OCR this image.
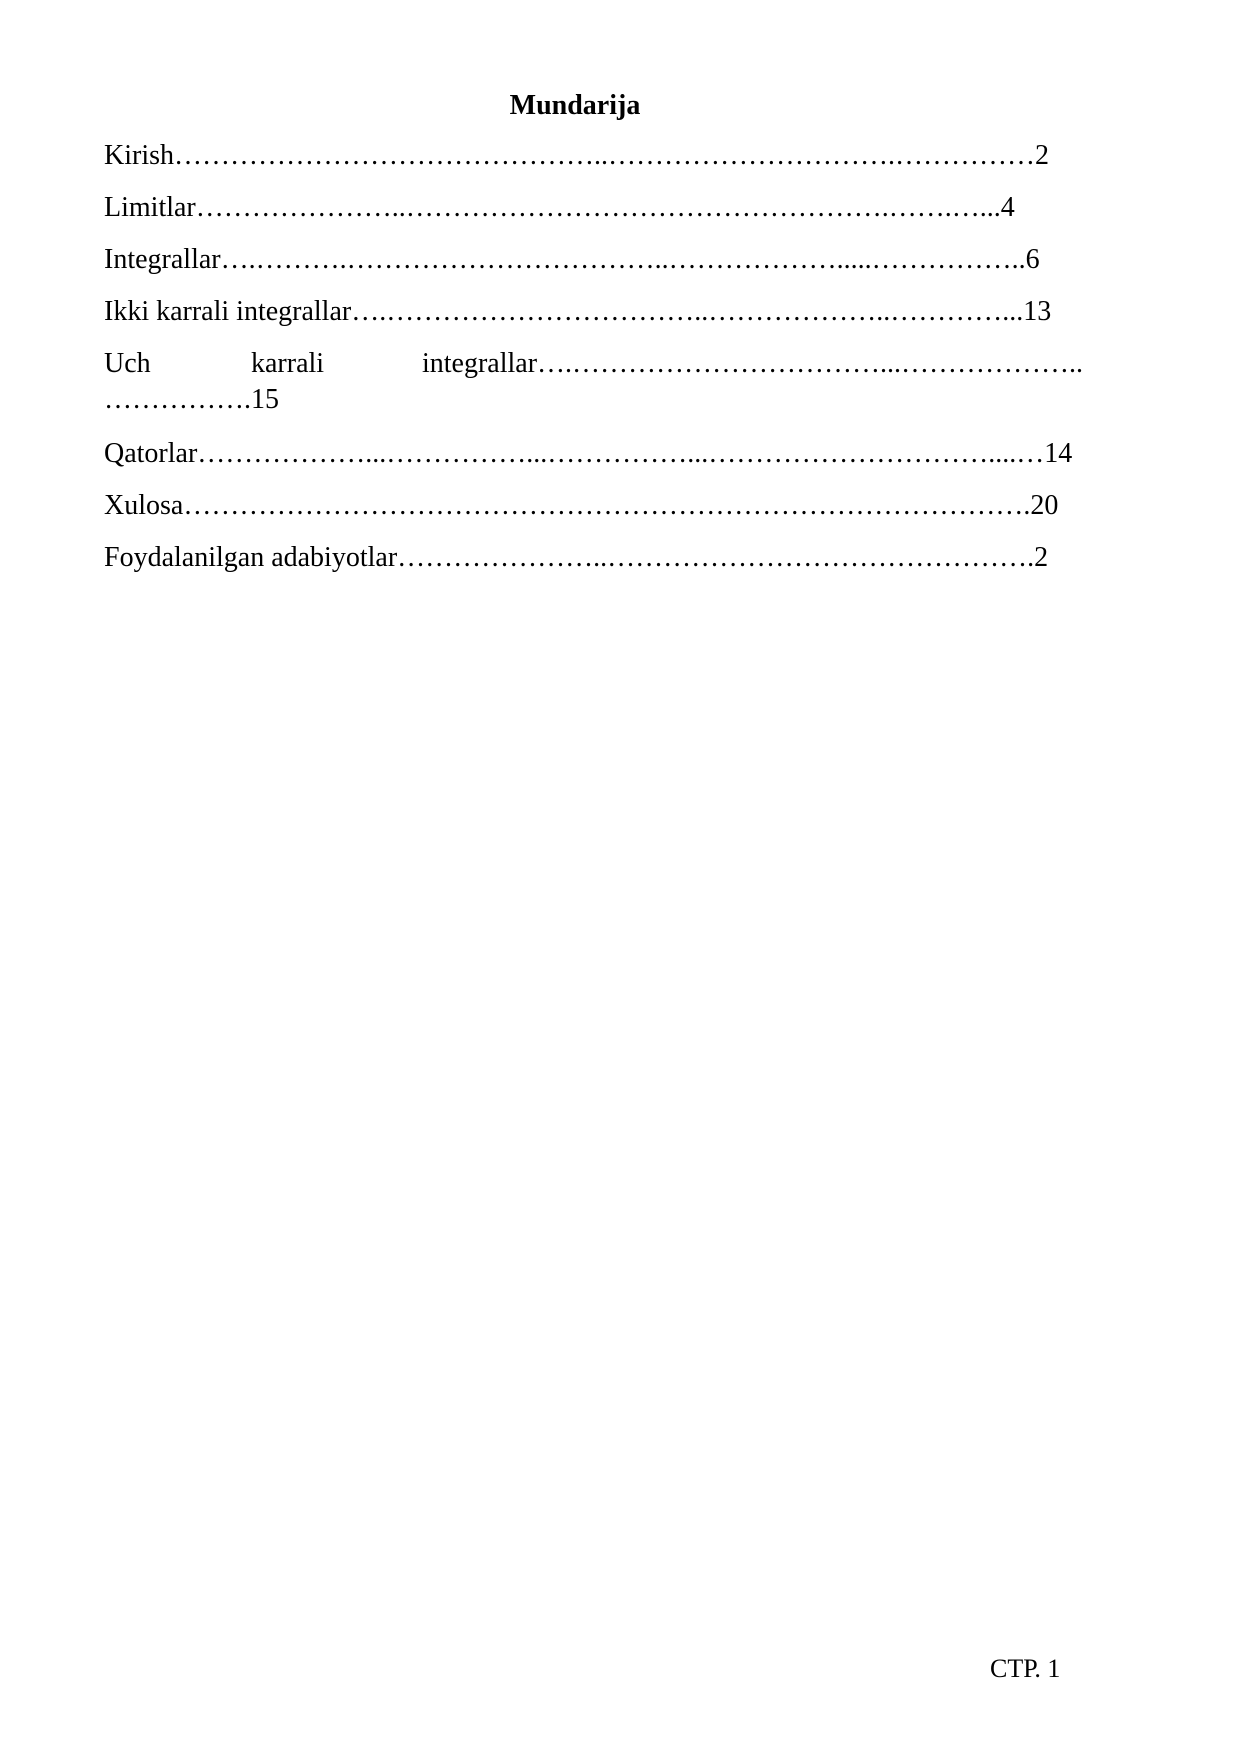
Mundarija
Kirish………………………………………..………………………….……………2
Limitlar…………………..…………………………………………….…….…...4
Integrallar….……….……………………………..……………….....……………..6
Ikki karrali integrallar….……………………………..………………..…………...13
Uch	karrali	integrallar….……………………………...………………..
…………….15
Qatorlar………………...……………...……………...…………………………....…14
Xulosa……………………………………………………………………………….20
Foydalanilgan adabiyotlar…………………..……………………………………….2
СТР. 1
